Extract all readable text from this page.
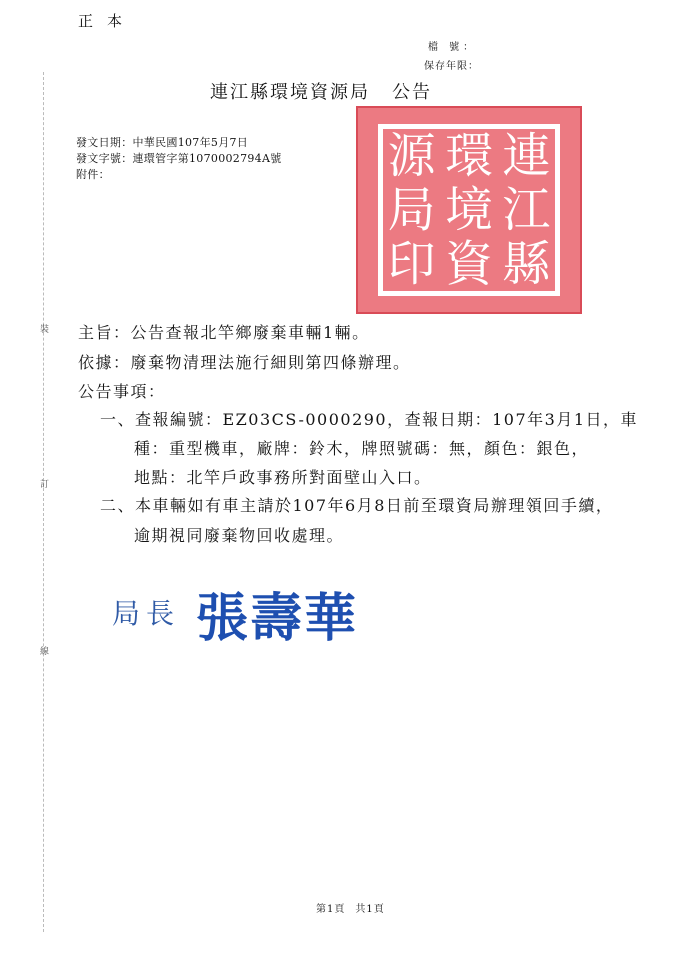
正本
檔 號：
保存年限：
連
環
源
江
境
局
縣
資
印
連江縣環境資源局 公告
發文日期：中華民國107年5月7日
發文字號：連環管字第1070002794A號
附件：
裝
訂
線
主旨：公告查報北竿鄉廢棄車輛1輛。
依據：廢棄物清理法施行細則第四條辦理。
公告事項：
一、查報編號：EZ03CS-0000290，查報日期：107年3月1日，車
種：重型機車，廠牌：鈴木，牌照號碼：無，顏色：銀色，
地點：北竿戶政事務所對面壁山入口。
二、本車輛如有車主請於107年6月8日前至環資局辦理領回手續，
逾期視同廢棄物回收處理。
局長 張壽華
第1頁 共1頁
